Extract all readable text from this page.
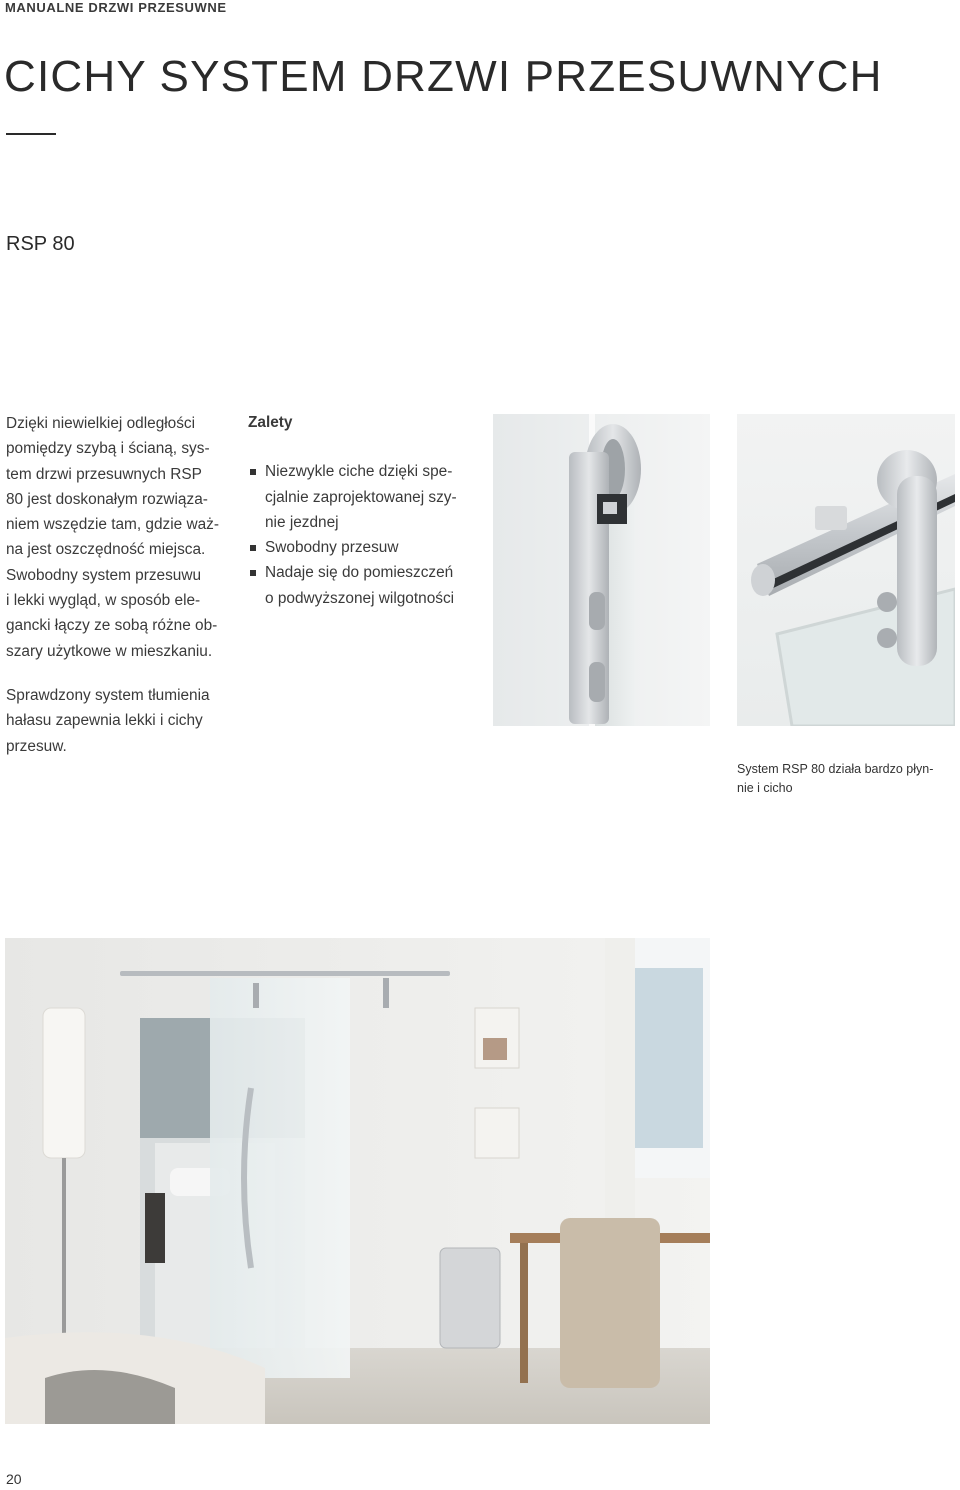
MANUALNE DRZWI PRZESUWNE
CICHY SYSTEM DRZWI PRZESUWNYCH
RSP 80

Dzięki niewielkiej odległości
pomiędzy szybą i ścianą, sys-
tem drzwi przesuwnych RSP
80 jest doskonałym rozwiąza-
niem wszędzie tam, gdzie waż-
na jest oszczędność miejsca.
Swobodny system przesuwu
i lekki wygląd, w sposób ele-
gancki łączy ze sobą różne ob-
szary użytkowe w mieszkaniu.

Sprawdzony system tłumienia
hałasu zapewnia lekki i cichy
przesuw.

Zalety
Niezwykle ciche dzięki spe-
cjalnie zaprojektowanej szy-
nie jezdnej
Swobodny przesuw
Nadaje się do pomieszczeń
o podwyższonej wilgotności
System RSP 80 działa bardzo płyn-
nie i cicho
20
